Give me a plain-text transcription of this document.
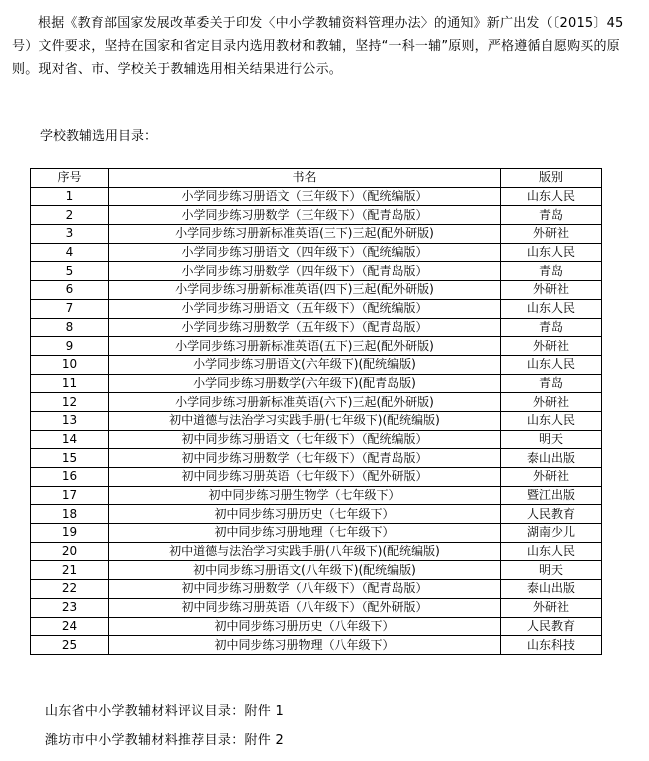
根据《教育部国家发展改革委关于印发〈中小学教辅资料管理办法〉的通知》新广出发（〔2015〕45号）文件要求，坚持在国家和省定目录内选用教材和教辅，坚持“一科一辅”原则，严格遵循自愿购买的原则。现对省、市、学校关于教辅选用相关结果进行公示。

学校教辅选用目录：

序号	书名	版别
1	小学同步练习册语文（三年级下）（配统编版）	山东人民
2	小学同步练习册数学（三年级下）（配青岛版）	青岛
3	小学同步练习册新标准英语(三下)三起(配外研版)	外研社
4	小学同步练习册语文（四年级下）（配统编版）	山东人民
5	小学同步练习册数学（四年级下）（配青岛版）	青岛
6	小学同步练习册新标准英语(四下)三起(配外研版)	外研社
7	小学同步练习册语文（五年级下）（配统编版）	山东人民
8	小学同步练习册数学（五年级下）（配青岛版）	青岛
9	小学同步练习册新标准英语(五下)三起(配外研版)	外研社
10	小学同步练习册语文(六年级下)(配统编版)	山东人民
11	小学同步练习册数学(六年级下)(配青岛版)	青岛
12	小学同步练习册新标准英语(六下)三起(配外研版)	外研社
13	初中道德与法治学习实践手册(七年级下)(配统编版)	山东人民
14	初中同步练习册语文（七年级下）（配统编版）	明天
15	初中同步练习册数学（七年级下）（配青岛版）	泰山出版
16	初中同步练习册英语（七年级下）（配外研版）	外研社
17	初中同步练习册生物学（七年级下）	暨江出版
18	初中同步练习册历史（七年级下）	人民教育
19	初中同步练习册地理（七年级下）	湖南少儿
20	初中道德与法治学习实践手册(八年级下)(配统编版)	山东人民
21	初中同步练习册语文(八年级下)(配统编版)	明天
22	初中同步练习册数学（八年级下）（配青岛版）	泰山出版
23	初中同步练习册英语（八年级下）（配外研版）	外研社
24	初中同步练习册历史（八年级下）	人民教育
25	初中同步练习册物理（八年级下）	山东科技

山东省中小学教辅材料评议目录：附件 1

潍坊市中小学教辅材料推荐目录：附件 2
